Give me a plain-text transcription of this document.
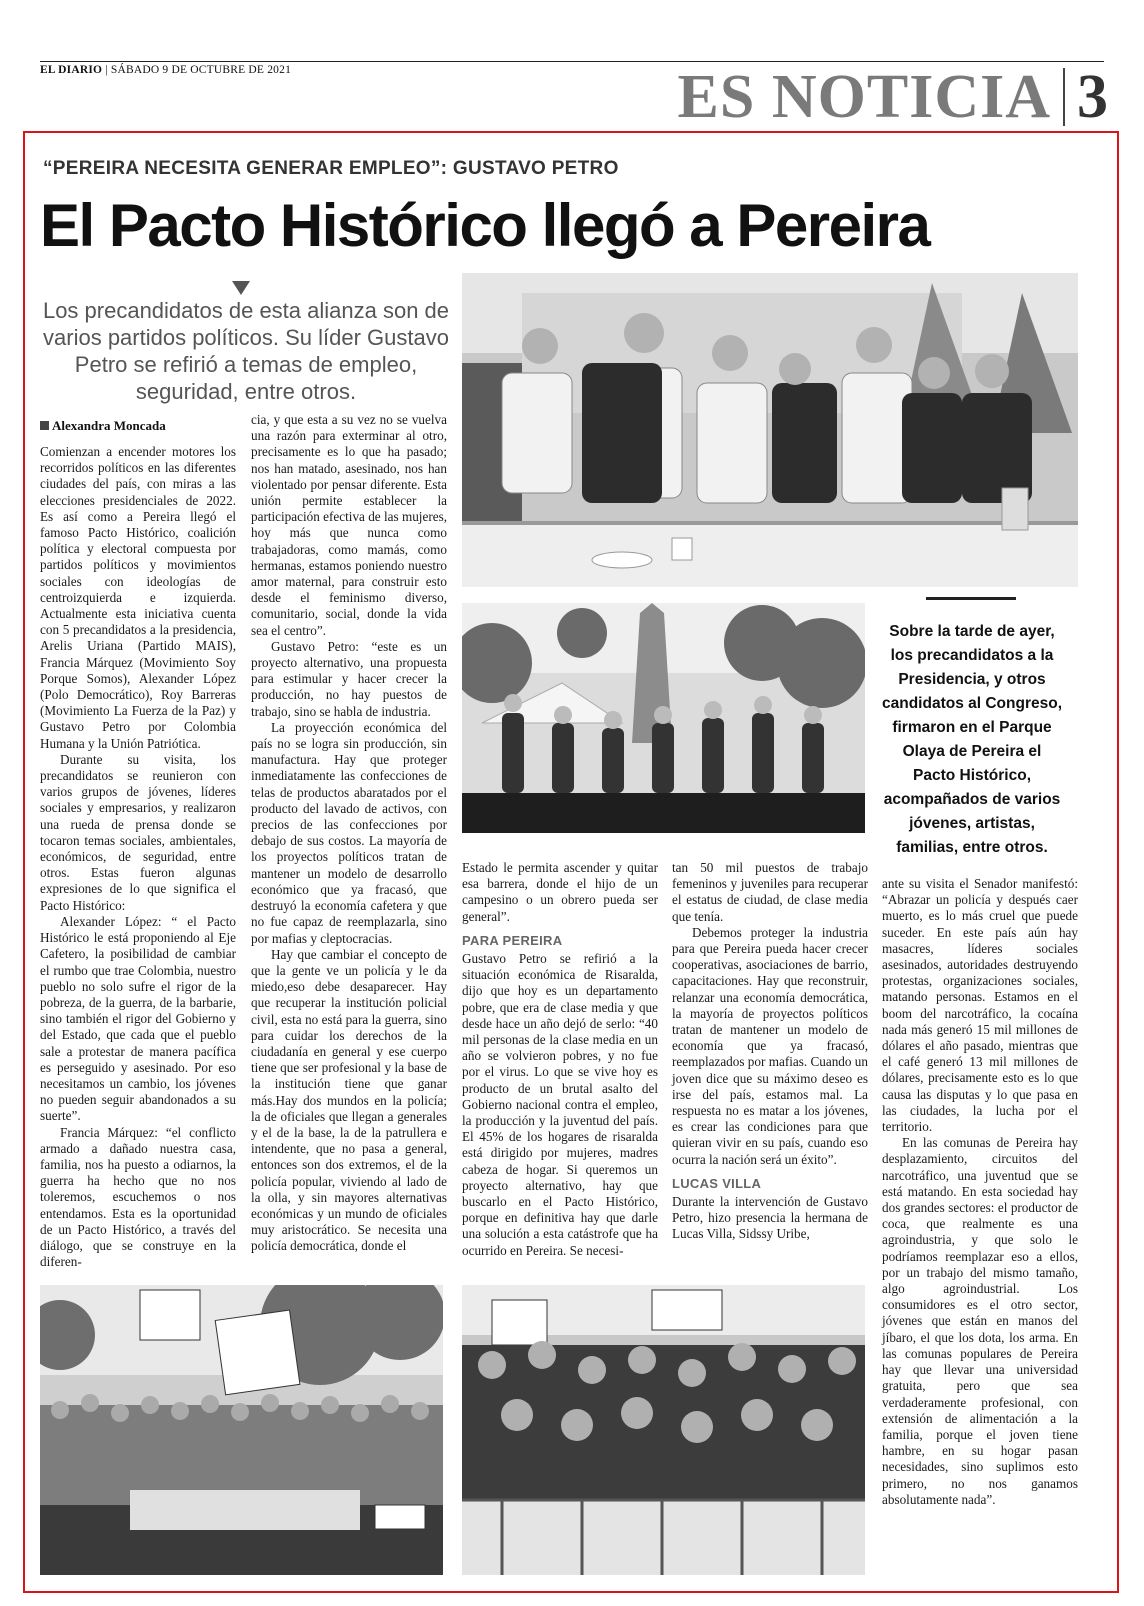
EL DIARIO | SÁBADO 9 DE OCTUBRE DE 2021	ES NOTICIA 3
“PEREIRA NECESITA GENERAR EMPLEO”: GUSTAVO PETRO
El Pacto Histórico llegó a Pereira
Los precandidatos de esta alianza son de varios partidos políticos. Su líder Gustavo Petro se refirió a temas de empleo, seguridad, entre otros.
Alexandra Moncada

Comienzan a encender motores los recorridos políticos en las diferentes ciudades del país, con miras a las elecciones presidenciales de 2022. Es así como a Pereira llegó el famoso Pacto Histórico, coalición política y electoral compuesta por partidos políticos y movimientos sociales con ideologías de centroizquierda e izquierda. Actualmente esta iniciativa cuenta con 5 precandidatos a la presidencia, Arelis Uriana (Partido MAIS), Francia Márquez (Movimiento Soy Porque Somos), Alexander López (Polo Democrático), Roy Barreras (Movimiento La Fuerza de la Paz) y Gustavo Petro por Colombia Humana y la Unión Patriótica.

Durante su visita, los precandidatos se reunieron con varios grupos de jóvenes, líderes sociales y empresarios, y realizaron una rueda de prensa donde se tocaron temas sociales, ambientales, económicos, de seguridad, entre otros. Estas fueron algunas expresiones de lo que significa el Pacto Histórico:

Alexander López: “ el Pacto Histórico le está proponiendo al Eje Cafetero, la posibilidad de cambiar el rumbo que trae Colombia, nuestro pueblo no solo sufre el rigor de la pobreza, de la guerra, de la barbarie, sino también el rigor del Gobierno y del Estado, que cada que el pueblo sale a protestar de manera pacífica es perseguido y asesinado. Por eso necesitamos un cambio, los jóvenes no pueden seguir abandonados a su suerte”.

Francia Márquez: “el conflicto armado a dañado nuestra casa, familia, nos ha puesto a odiarnos, la guerra ha hecho que no nos toleremos, escuchemos o nos entendamos. Esta es la oportunidad de un Pacto Histórico, a través del diálogo, que se construye en la diferen-

cia, y que esta a su vez no se vuelva una razón para exterminar al otro, precisamente es lo que ha pasado; nos han matado, asesinado, nos han violentado por pensar diferente. Esta unión permite establecer la participación efectiva de las mujeres, hoy más que nunca como trabajadoras, como mamás, como hermanas, estamos poniendo nuestro amor maternal, para construir esto desde el feminismo diverso, comunitario, social, donde la vida sea el centro”.

Gustavo Petro: “este es un proyecto alternativo, una propuesta para estimular y hacer crecer la producción, no hay puestos de trabajo, sino se habla de industria.

La proyección económica del país no se logra sin producción, sin manufactura. Hay que proteger inmediatamente las confecciones de telas de productos abaratados por el producto del lavado de activos, con precios de las confecciones por debajo de sus costos. La mayoría de los proyectos políticos tratan de mantener un modelo de desarrollo económico que ya fracasó, que destruyó la economía cafetera y que no fue capaz de reemplazarla, sino por mafias y cleptocracias.

Hay que cambiar el concepto de que la gente ve un policía y le da miedo,eso debe desaparecer. Hay que recuperar la institución policial civil, esta no está para la guerra, sino para cuidar los derechos de la ciudadanía en general y ese cuerpo tiene que ser profesional y la base de la institución tiene que ganar más.Hay dos mundos en la policía; la de oficiales que llegan a generales y el de la base, la de la patrullera e intendente, que no pasa a general, entonces son dos extremos, el de la policía popular, viviendo al lado de la olla, y sin mayores alternativas económicas y un mundo de oficiales muy aristocrático. Se necesita una policía democrática, donde el

Estado le permita ascender y quitar esa barrera, donde el hijo de un campesino o un obrero pueda ser general”.

PARA PEREIRA

Gustavo Petro se refirió a la situación económica de Risaralda, dijo que hoy es un departamento pobre, que era de clase media y que desde hace un año dejó de serlo: “40 mil personas de la clase media en un año se volvieron pobres, y no fue por el virus. Lo que se vive hoy es producto de un brutal asalto del Gobierno nacional contra el empleo, la producción y la juventud del país. El 45% de los hogares de risaralda está dirigido por mujeres, madres cabeza de hogar. Si queremos un proyecto alternativo, hay que buscarlo en el Pacto Histórico, porque en definitiva hay que darle una solución a esta catástrofe que ha ocurrido en Pereira. Se necesi-

tan 50 mil puestos de trabajo femeninos y juveniles para recuperar el estatus de ciudad, de clase media que tenía.

Debemos proteger la industria para que Pereira pueda hacer crecer cooperativas, asociaciones de barrio, capacitaciones. Hay que reconstruir, relanzar una economía democrática, la mayoría de proyectos políticos tratan de mantener un modelo de economía que ya fracasó, reemplazados por mafias. Cuando un joven dice que su máximo deseo es irse del país, estamos mal. La respuesta no es matar a los jóvenes, es crear las condiciones para que quieran vivir en su país, cuando eso ocurra la nación será un éxito”.

LUCAS VILLA

Durante la intervención de Gustavo Petro, hizo presencia la hermana de Lucas Villa, Sidssy Uribe,

ante su visita el Senador manifestó: “Abrazar un policía y después caer muerto, es lo más cruel que puede suceder. En este país aún hay masacres, líderes sociales asesinados, autoridades destruyendo protestas, organizaciones sociales, matando personas. Estamos en el boom del narcotráfico, la cocaína nada más generó 15 mil millones de dólares el año pasado, mientras que el café generó 13 mil millones de dólares, precisamente esto es lo que causa las disputas y lo que pasa en las ciudades, la lucha por el territorio.

En las comunas de Pereira hay desplazamiento, circuitos del narcotráfico, una juventud que se está matando. En esta sociedad hay dos grandes sectores: el productor de coca, que realmente es una agroindustria, y que solo le podríamos reemplazar eso a ellos, por un trabajo del mismo tamaño, algo agroindustrial. Los consumidores es el otro sector, jóvenes que están en manos del jíbaro, el que los dota, los arma. En las comunas populares de Pereira hay que llevar una universidad gratuita, pero que sea verdaderamente profesional, con extensión de alimentación a la familia, porque el joven tiene hambre, en su hogar pasan necesidades, sino suplimos esto primero, no nos ganamos absolutamente nada”.

Sobre la tarde de ayer, los precandidatos a la Presidencia, y otros candidatos al Congreso, firmaron en el Parque Olaya de Pereira el Pacto Histórico, acompañados de varios jóvenes, artistas, familias, entre otros.
